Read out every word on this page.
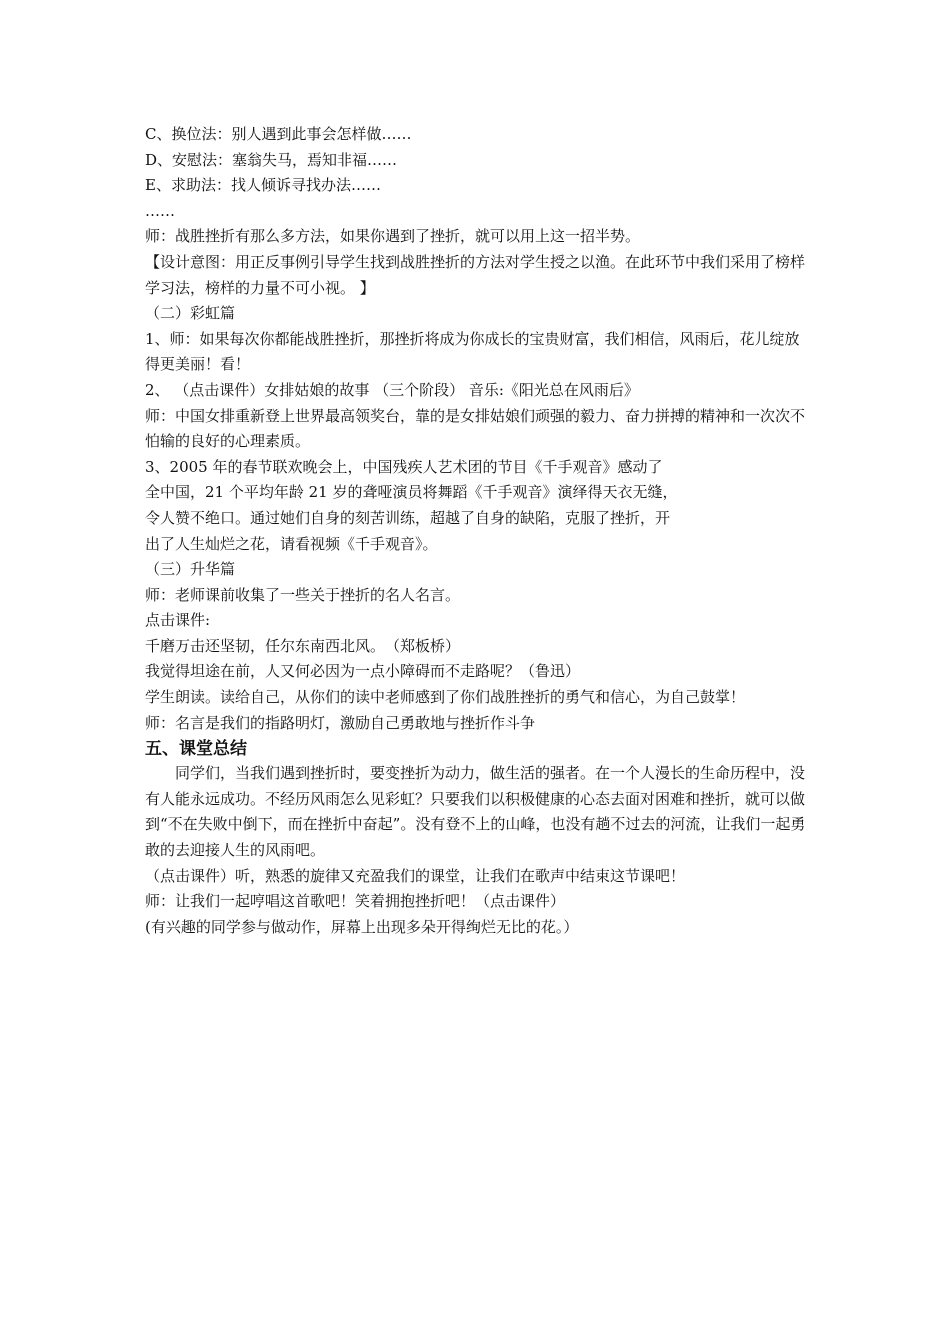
C、换位法：别人遇到此事会怎样做……
D、安慰法：塞翁失马，焉知非福……
E、求助法：找人倾诉寻找办法……
……
师：战胜挫折有那么多方法，如果你遇到了挫折，就可以用上这一招半势。
【设计意图：用正反事例引导学生找到战胜挫折的方法对学生授之以渔。在此环节中我们采用了榜样学习法，榜样的力量不可小视。 】
（二）彩虹篇
1、师：如果每次你都能战胜挫折，那挫折将成为你成长的宝贵财富，我们相信，风雨后，花儿绽放得更美丽！看！
2、 （点击课件）女排姑娘的故事 （三个阶段） 音乐:《阳光总在风雨后》
师：中国女排重新登上世界最高领奖台，靠的是女排姑娘们顽强的毅力、奋力拼搏的精神和一次次不怕输的良好的心理素质。
3、2005 年的春节联欢晚会上，中国残疾人艺术团的节目《千手观音》感动了
全中国，21 个平均年龄 21 岁的聋哑演员将舞蹈《千手观音》演绎得天衣无缝，
令人赞不绝口。通过她们自身的刻苦训练，超越了自身的缺陷，克服了挫折，开
出了人生灿烂之花，请看视频《千手观音》。
（三）升华篇
师：老师课前收集了一些关于挫折的名人名言。
点击课件:
千磨万击还坚韧，任尔东南西北风。　（郑板桥）
我觉得坦途在前，人又何必因为一点小障碍而不走路呢？（鲁迅）
学生朗读。读给自己，从你们的读中老师感到了你们战胜挫折的勇气和信心，为自己鼓掌！
师：名言是我们的指路明灯，激励自己勇敢地与挫折作斗争
五、课堂总结
同学们，当我们遇到挫折时，要变挫折为动力，做生活的强者。在一个人漫长的生命历程中，没有人能永远成功。不经历风雨怎么见彩虹？只要我们以积极健康的心态去面对困难和挫折，就可以做到“不在失败中倒下，而在挫折中奋起”。没有登不上的山峰，也没有趟不过去的河流，让我们一起勇敢的去迎接人生的风雨吧。
（点击课件）听，熟悉的旋律又充盈我们的课堂，让我们在歌声中结束这节课吧！
师：让我们一起哼唱这首歌吧！笑着拥抱挫折吧！（点击课件）
(有兴趣的同学参与做动作，屏幕上出现多朵开得绚烂无比的花。）
